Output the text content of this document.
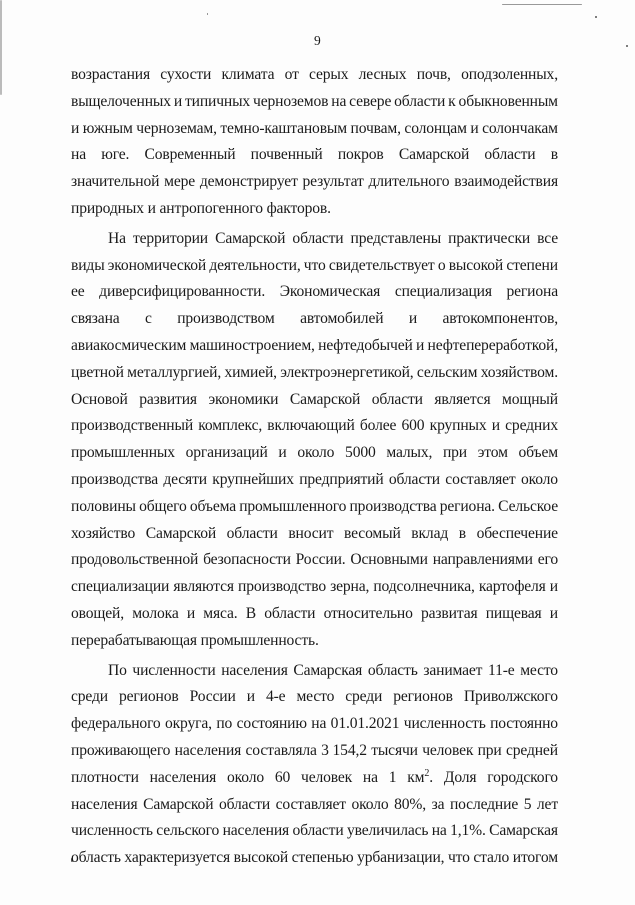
9
возрастания сухости климата от серых лесных почв, оподзоленных,
выщелоченных и типичных черноземов на севере области к обыкновенным
и южным черноземам, темно-каштановым почвам, солонцам и солончакам
на юге. Современный почвенный покров Самарской области в
значительной мере демонстрирует результат длительного взаимодействия
природных и антропогенного факторов.
На территории Самарской области представлены практически все
виды экономической деятельности, что свидетельствует о высокой степени
ее диверсифицированности. Экономическая специализация региона
связана с производством автомобилей и автокомпонентов,
авиакосмическим машиностроением, нефтедобычей и нефтепереработкой,
цветной металлургией, химией, электроэнергетикой, сельским хозяйством.
Основой развития экономики Самарской области является мощный
производственный комплекс, включающий более 600 крупных и средних
промышленных организаций и около 5000 малых, при этом объем
производства десяти крупнейших предприятий области составляет около
половины общего объема промышленного производства региона. Сельское
хозяйство Самарской области вносит весомый вклад в обеспечение
продовольственной безопасности России. Основными направлениями его
специализации являются производство зерна, подсолнечника, картофеля и
овощей, молока и мяса. В области относительно развитая пищевая и
перерабатывающая промышленность.
По численности населения Самарская область занимает 11-е место
среди регионов России и 4-е место среди регионов Приволжского
федерального округа, по состоянию на 01.01.2021 численность постоянно
проживающего населения составляла 3 154,2 тысячи человек при средней
плотности населения около 60 человек на 1 $км^2$. Доля городского
населения Самарской области составляет около 80%, за последние 5 лет
численность сельского населения области увеличилась на 1,1%. Самарская
область характеризуется высокой степенью урбанизации, что стало итогом
